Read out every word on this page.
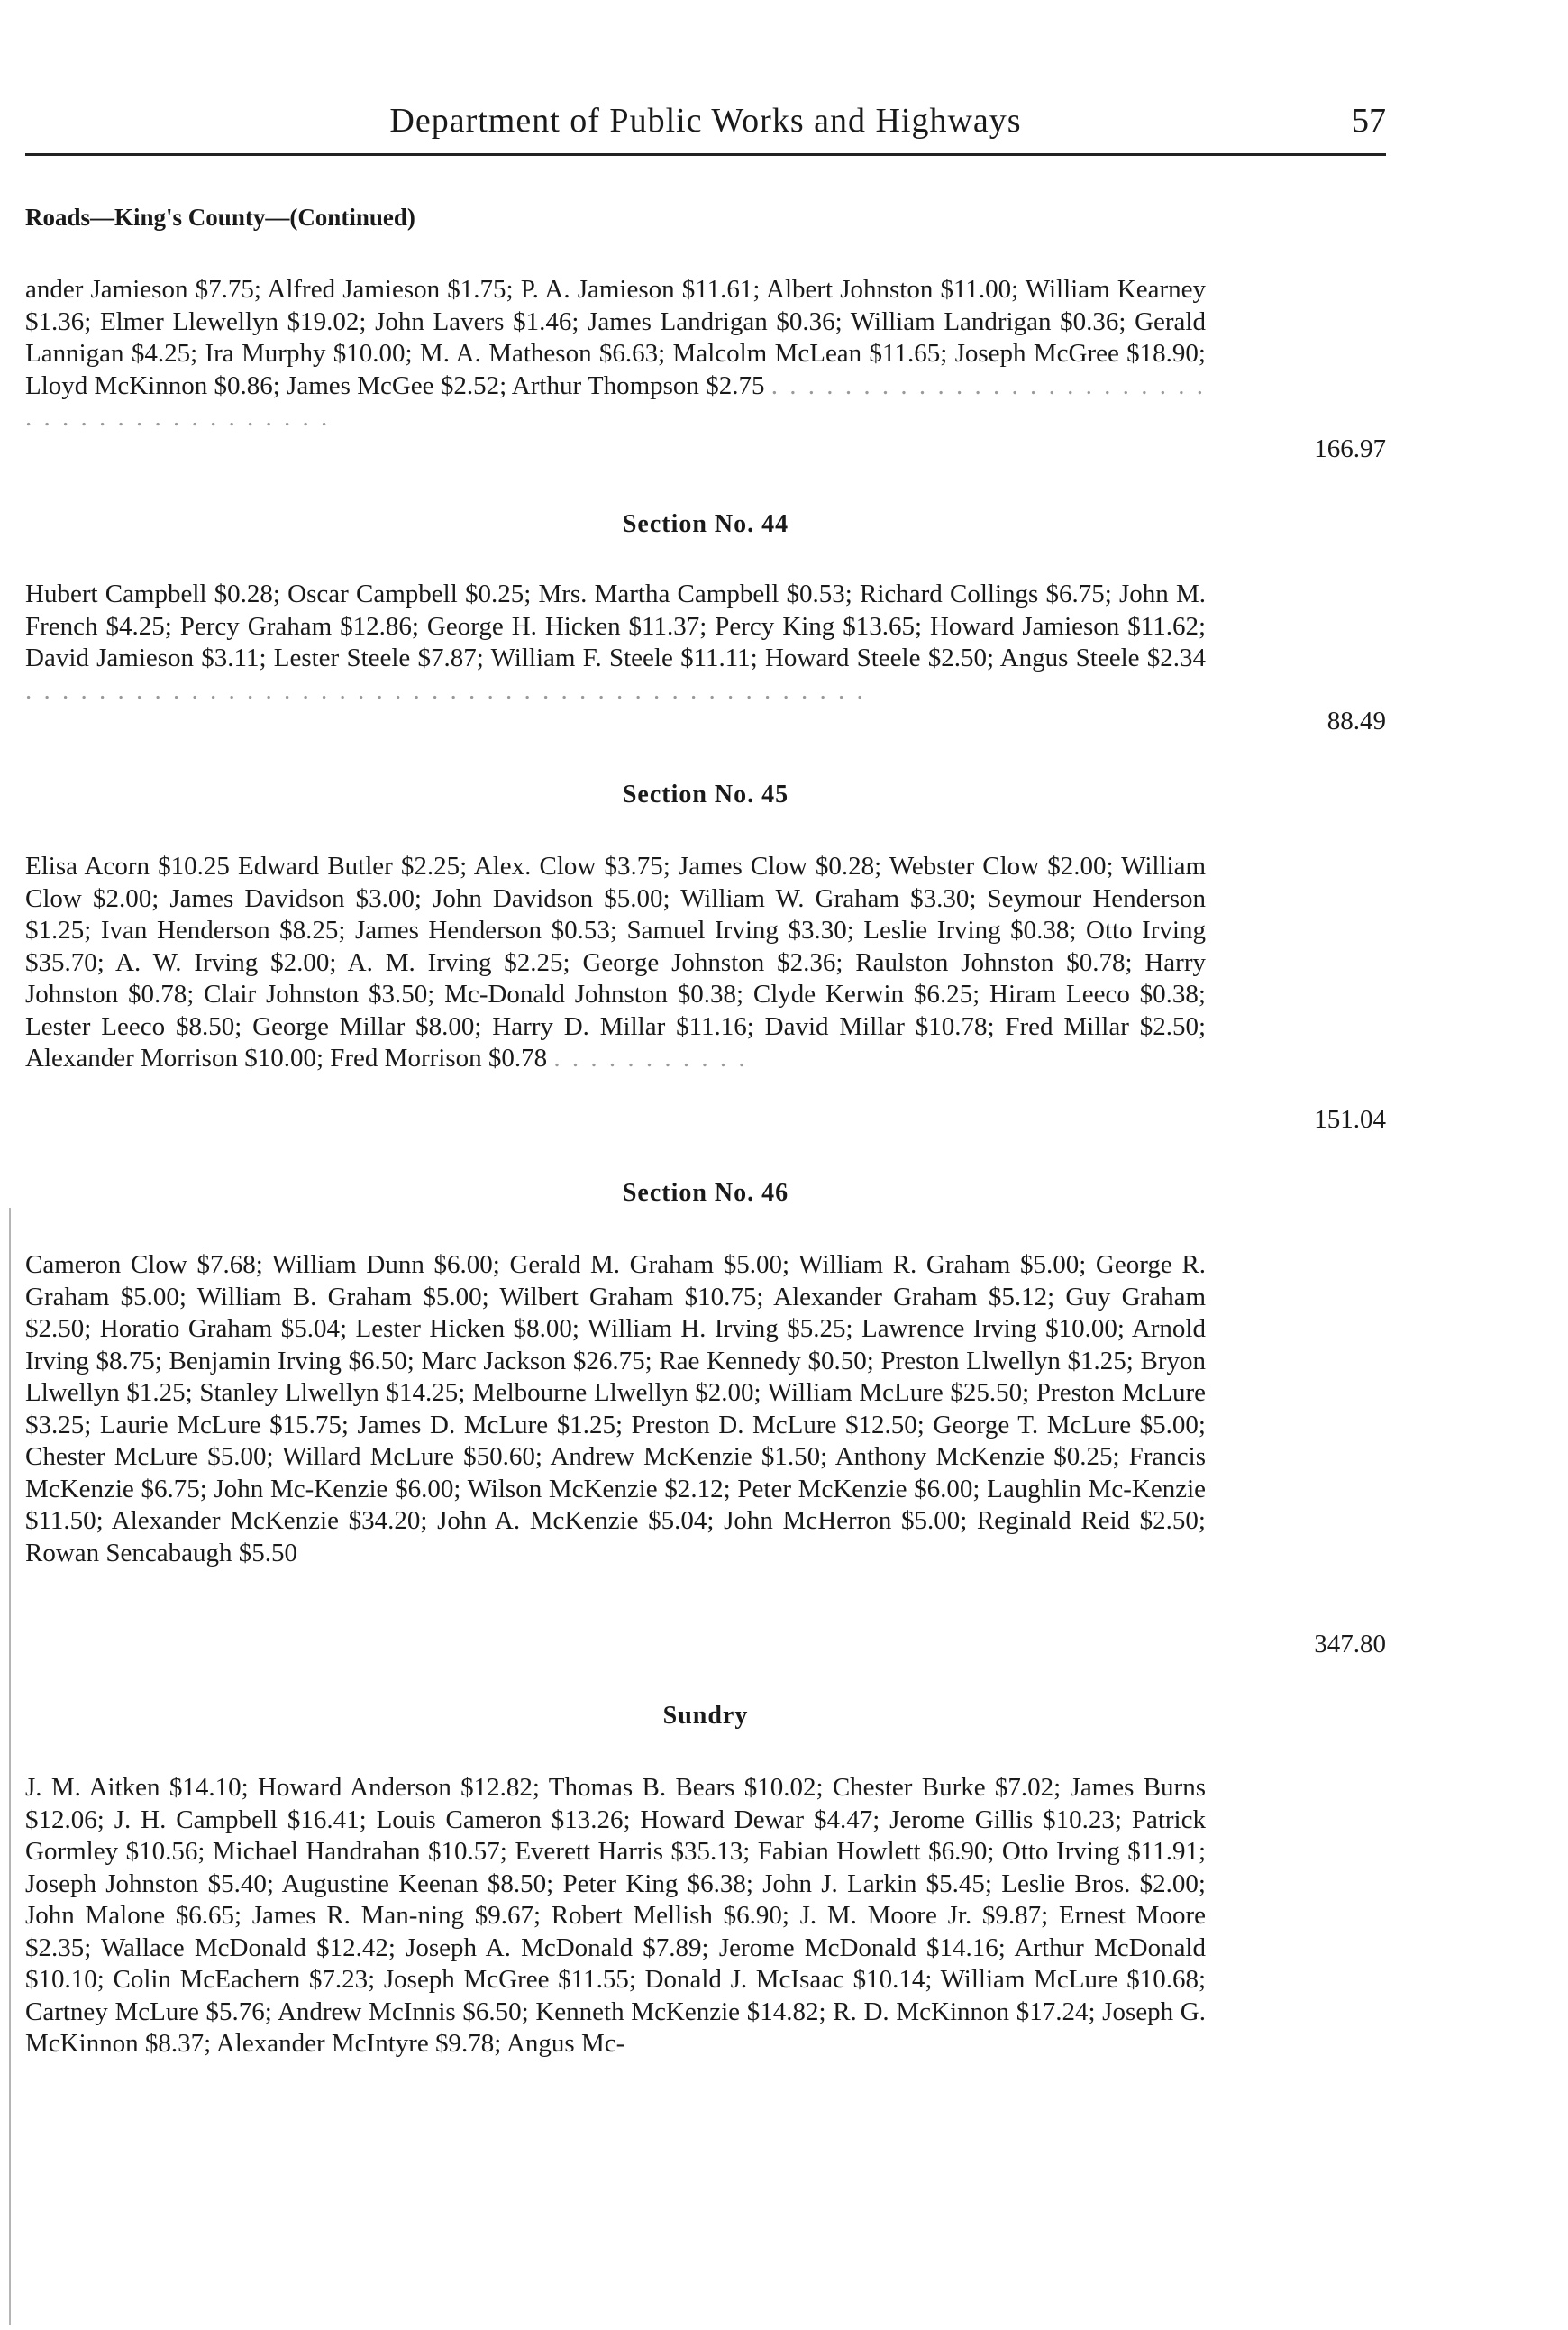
Department of Public Works and Highways	57
Roads—King's County—(Continued)
ander Jamieson $7.75; Alfred Jamieson $1.75; P. A. Jamieson $11.61; Albert Johnston $11.00; William Kearney $1.36; Elmer Llewellyn $19.02; John Lavers $1.46; James Landrigan $0.36; William Landrigan $0.36; Gerald Lannigan $4.25; Ira Murphy $10.00; M. A. Matheson $6.63; Malcolm McLean $11.65; Joseph McGree $18.90; Lloyd McKinnon $0.86; James McGee $2.52; Arthur Thompson $2.75 . . . . . . . . . . . . . . . . . . . . . . . . . . . . . . . . . . . . . . . . .
166.97
Section No. 44
Hubert Campbell $0.28; Oscar Campbell $0.25; Mrs. Martha Campbell $0.53; Richard Collings $6.75; John M. French $4.25; Percy Graham $12.86; George H. Hicken $11.37; Percy King $13.65; Howard Jamieson $11.62; David Jamieson $3.11; Lester Steele $7.87; William F. Steele $11.11; Howard Steele $2.50; Angus Steele $2.34 . . . . . . . . . . . . . . . . . . . . . . . . . . . . . . . . . . . . . . . . . . . . . .
88.49
Section No. 45
Elisa Acorn $10.25 Edward Butler $2.25; Alex. Clow $3.75; James Clow $0.28; Webster Clow $2.00; William Clow $2.00; James Davidson $3.00; John Davidson $5.00; William W. Graham $3.30; Seymour Henderson $1.25; Ivan Henderson $8.25; James Henderson $0.53; Samuel Irving $3.30; Leslie Irving $0.38; Otto Irving $35.70; A. W. Irving $2.00; A. M. Irving $2.25; George Johnston $2.36; Raulston Johnston $0.78; Harry Johnston $0.78; Clair Johnston $3.50; Mc-Donald Johnston $0.38; Clyde Kerwin $6.25; Hiram Leeco $0.38; Lester Leeco $8.50; George Millar $8.00; Harry D. Millar $11.16; David Millar $10.78; Fred Millar $2.50; Alexander Morrison $10.00; Fred Morrison $0.78 . . . . . . . . . . .
151.04
Section No. 46
Cameron Clow $7.68; William Dunn $6.00; Gerald M. Graham $5.00; William R. Graham $5.00; George R. Graham $5.00; William B. Graham $5.00; Wilbert Graham $10.75; Alexander Graham $5.12; Guy Graham $2.50; Horatio Graham $5.04; Lester Hicken $8.00; William H. Irving $5.25; Lawrence Irving $10.00; Arnold Irving $8.75; Benjamin Irving $6.50; Marc Jackson $26.75; Rae Kennedy $0.50; Preston Llwellyn $1.25; Bryon Llwellyn $1.25; Stanley Llwellyn $14.25; Melbourne Llwellyn $2.00; William McLure $25.50; Preston McLure $3.25; Laurie McLure $15.75; James D. McLure $1.25; Preston D. McLure $12.50; George T. McLure $5.00; Chester McLure $5.00; Willard McLure $50.60; Andrew McKenzie $1.50; Anthony McKenzie $0.25; Francis McKenzie $6.75; John Mc-Kenzie $6.00; Wilson McKenzie $2.12; Peter McKenzie $6.00; Laughlin Mc-Kenzie $11.50; Alexander McKenzie $34.20; John A. McKenzie $5.04; John McHerron $5.00; Reginald Reid $2.50; Rowan Sencabaugh $5.50
347.80
Sundry
J. M. Aitken $14.10; Howard Anderson $12.82; Thomas B. Bears $10.02; Chester Burke $7.02; James Burns $12.06; J. H. Campbell $16.41; Louis Cameron $13.26; Howard Dewar $4.47; Jerome Gillis $10.23; Patrick Gormley $10.56; Michael Handrahan $10.57; Everett Harris $35.13; Fabian Howlett $6.90; Otto Irving $11.91; Joseph Johnston $5.40; Augustine Keenan $8.50; Peter King $6.38; John J. Larkin $5.45; Leslie Bros. $2.00; John Malone $6.65; James R. Man-ning $9.67; Robert Mellish $6.90; J. M. Moore Jr. $9.87; Ernest Moore $2.35; Wallace McDonald $12.42; Joseph A. McDonald $7.89; Jerome McDonald $14.16; Arthur McDonald $10.10; Colin McEachern $7.23; Joseph McGree $11.55; Donald J. McIsaac $10.14; William McLure $10.68; Cartney McLure $5.76; Andrew McInnis $6.50; Kenneth McKenzie $14.82; R. D. McKinnon $17.24; Joseph G. McKinnon $8.37; Alexander McIntyre $9.78; Angus Mc-
